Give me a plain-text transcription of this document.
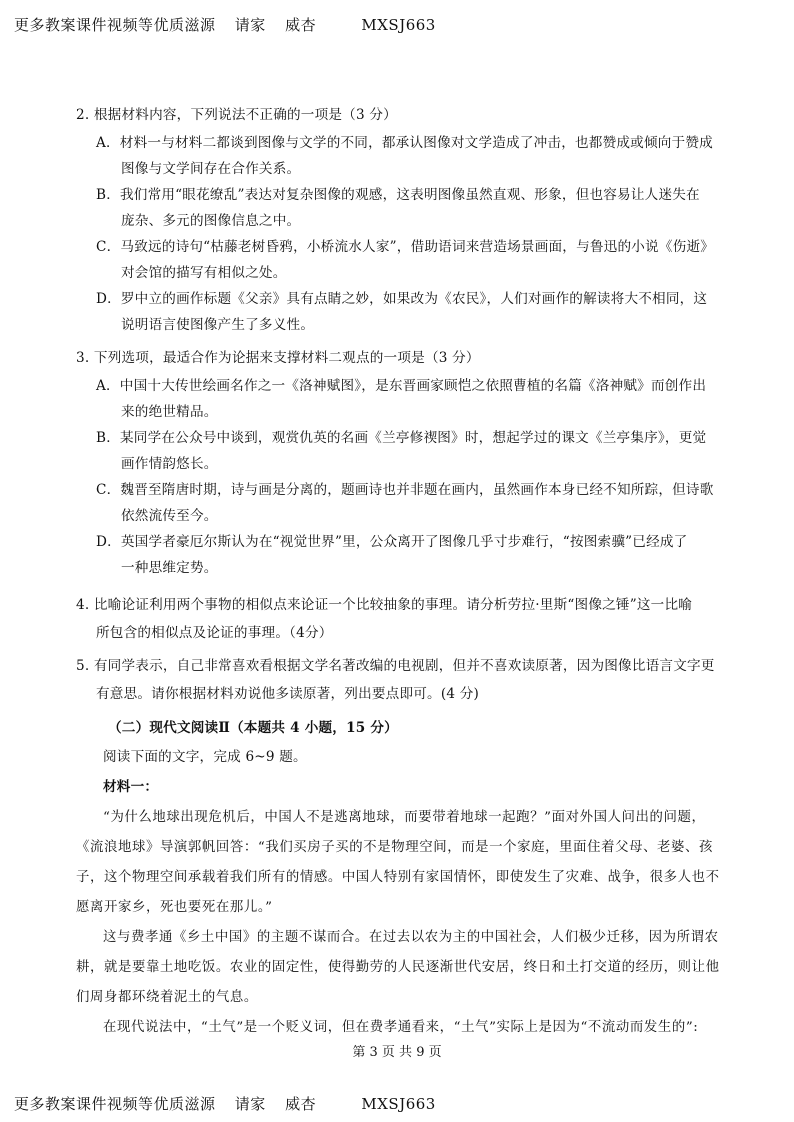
更多教案课件视频等优质滋源 请家 威杏	MXSJ663
2. 根据材料内容，下列说法不正确的一项是（3 分）
A．材料一与材料二都谈到图像与文学的不同，都承认图像对文学造成了冲击，也都赞成或倾向于赞成
图像与文学间存在合作关系。
B．我们常用“眼花缭乱”表达对复杂图像的观感，这表明图像虽然直观、形象，但也容易让人迷失在
庞杂、多元的图像信息之中。
C．马致远的诗句“枯藤老树昏鸦，小桥流水人家”，借助语词来营造场景画面，与鲁迅的小说《伤逝》
对会馆的描写有相似之处。
D．罗中立的画作标题《父亲》具有点睛之妙，如果改为《农民》，人们对画作的解读将大不相同，这
说明语言使图像产生了多义性。
3. 下列选项，最适合作为论据来支撑材料二观点的一项是（3 分）
A．中国十大传世绘画名作之一《洛神赋图》，是东晋画家顾恺之依照曹植的名篇《洛神赋》而创作出
来的绝世精品。
B．某同学在公众号中谈到，观赏仇英的名画《兰亭修禊图》时，想起学过的课文《兰亭集序》，更觉
画作情韵悠长。
C．魏晋至隋唐时期，诗与画是分离的，题画诗也并非题在画内，虽然画作本身已经不知所踪，但诗歌
依然流传至今。
D．英国学者豪厄尔斯认为在“视觉世界”里，公众离开了图像几乎寸步难行，“按图索骥”已经成了
一种思维定势。
4. 比喻论证利用两个事物的相似点来论证一个比较抽象的事理。请分析劳拉·里斯“图像之锤”这一比喻
所包含的相似点及论证的事理。（4分）
5. 有同学表示，自己非常喜欢看根据文学名著改编的电视剧，但并不喜欢读原著，因为图像比语言文字更
有意思。请你根据材料劝说他多读原著，列出要点即可。(4 分)
（二）现代文阅读Ⅱ（本题共 4 小题，15 分）
阅读下面的文字，完成 6~9 题。
材料一：
“为什么地球出现危机后，中国人不是逃离地球，而要带着地球一起跑？”面对外国人问出的问题，
《流浪地球》导演郭帆回答：“我们买房子买的不是物理空间，而是一个家庭，里面住着父母、老婆、孩
子，这个物理空间承载着我们所有的情感。中国人特别有家国情怀，即使发生了灾难、战争，很多人也不
愿离开家乡，死也要死在那儿。”
这与费孝通《乡土中国》的主题不谋而合。在过去以农为主的中国社会，人们极少迁移，因为所谓农
耕，就是要靠土地吃饭。农业的固定性，使得勤劳的人民逐渐世代安居，终日和土打交道的经历，则让他
们周身都环绕着泥土的气息。
在现代说法中，“土气”是一个贬义词，但在费孝通看来，“土气”实际上是因为“不流动而发生的”:
第 3 页 共 9 页
更多教案课件视频等优质滋源 请家 威杏	MXSJ663
